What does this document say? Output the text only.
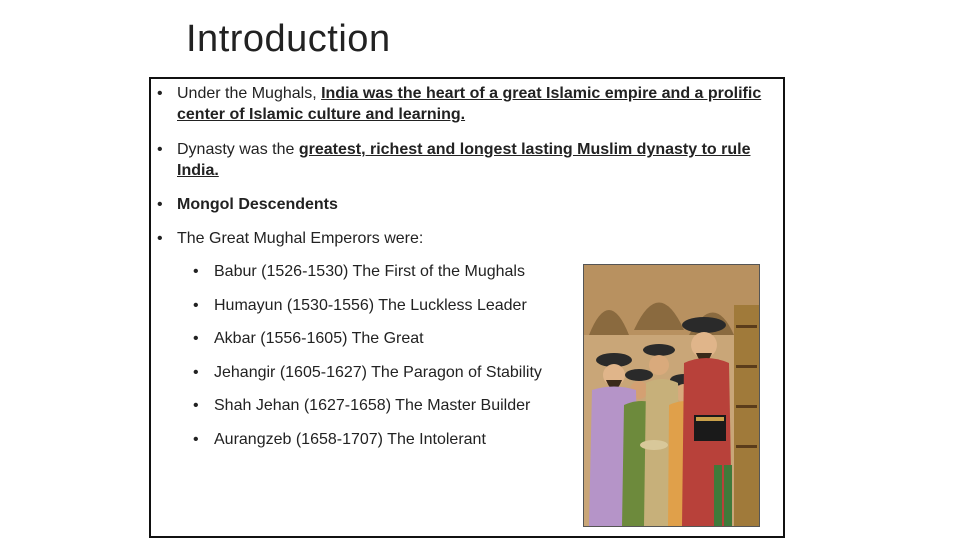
Introduction
• Under the Mughals, India was the heart of a great Islamic empire and a prolific center of Islamic culture and learning.
• Dynasty was the greatest, richest and longest lasting Muslim dynasty to rule India.
• Mongol Descendents
• The Great Mughal Emperors were:
• Babur (1526-1530) The First of the Mughals
• Humayun (1530-1556) The Luckless Leader
• Akbar (1556-1605) The Great
• Jehangir (1605-1627) The Paragon of Stability
• Shah Jehan (1627-1658) The Master Builder
• Aurangzeb (1658-1707) The Intolerant
